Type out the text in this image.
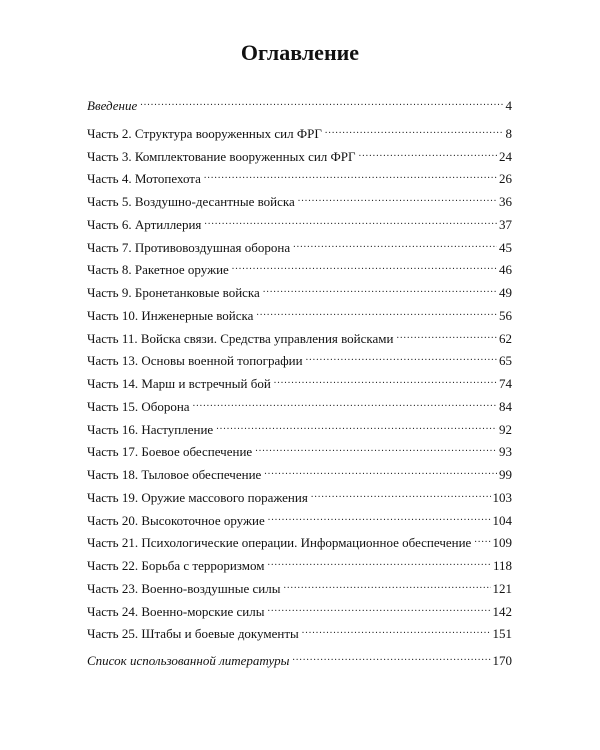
Оглавление
Введение .....	4
Часть 2. Структура вооруженных сил ФРГ .....	8
Часть 3. Комплектование вооруженных сил ФРГ .....	24
Часть 4. Мотопехота .....	26
Часть 5. Воздушно-десантные войска .....	36
Часть 6. Артиллерия .....	37
Часть 7. Противовоздушная оборона .....	45
Часть 8. Ракетное оружие .....	46
Часть 9. Бронетанковые войска .....	49
Часть 10. Инженерные войска .....	56
Часть 11. Войска связи. Средства управления войсками .....	62
Часть 13. Основы военной топографии .....	65
Часть 14. Марш и встречный бой .....	74
Часть 15. Оборона .....	84
Часть 16. Наступление .....	92
Часть 17. Боевое обеспечение .....	93
Часть 18. Тыловое обеспечение .....	99
Часть 19. Оружие массового поражения .....	103
Часть 20. Высокоточное оружие .....	104
Часть 21. Психологические операции. Информационное обеспечение ..... 109
Часть 22. Борьба с терроризмом .....	118
Часть 23. Военно-воздушные силы .....	121
Часть 24. Военно-морские силы .....	142
Часть 25. Штабы и боевые документы .....	151
Список использованной литературы .....	170
